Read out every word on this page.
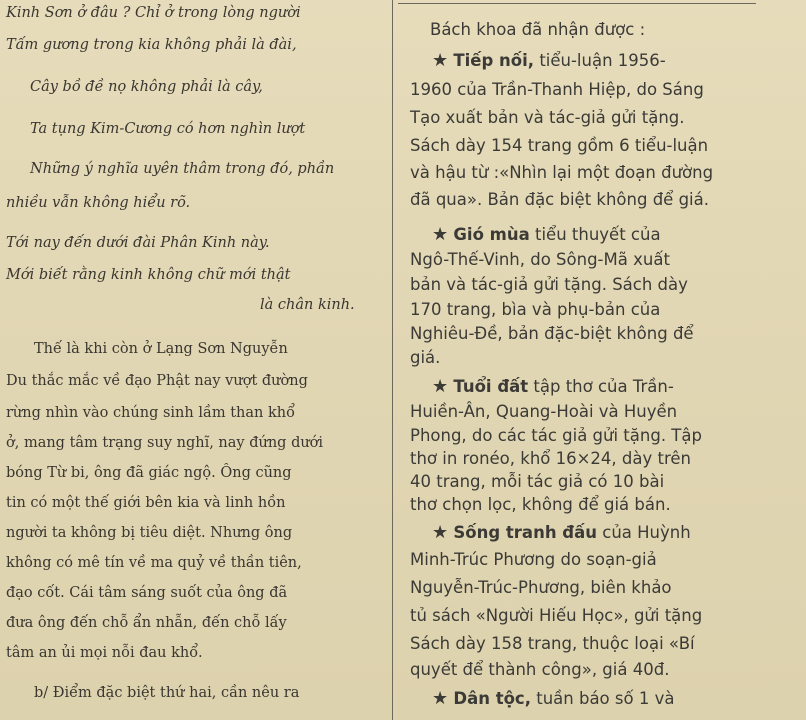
Kinh Sơn ở đâu ? Chỉ ở trong lòng người
Tấm gương trong kia không phải là đài,
Cây bồ đề nọ không phải là cây,
Ta tụng Kim-Cương có hơn nghìn lượt
Những ý nghĩa uyên thâm trong đó, phần
nhiều vẫn không hiểu rõ.
Tới nay đến dưới đài Phân Kinh này.
Mới biết rằng kinh không chữ mới thật
là chân kinh.
Thế là khi còn ở Lạng Sơn Nguyễn
Du thắc mắc về đạo Phật nay vượt đường
rừng nhìn vào chúng sinh lầm than khổ
ở, mang tâm trạng suy nghĩ, nay đứng dưới
bóng Từ bi, ông đã giác ngộ. Ông cũng
tin có một thế giới bên kia và linh hồn
người ta không bị tiêu diệt. Nhưng ông
không có mê tín về ma quỷ về thần tiên,
đạo cốt. Cái tâm sáng suốt của ông đã
đưa ông đến chỗ ẩn nhẫn, đến chỗ lấy
tâm an ủi mọi nỗi đau khổ.
b/ Điểm đặc biệt thứ hai, cần nêu ra
Bách khoa đã nhận được :
★ Tiếp nối, tiểu-luận 1956-
1960 của Trần-Thanh Hiệp, do Sáng
Tạo xuất bản và tác-giả gửi tặng.
Sách dày 154 trang gồm 6 tiểu-luận
và hậu từ :«Nhìn lại một đoạn đường
đã qua». Bản đặc biệt không để giá.
★ Gió mùa tiểu thuyết của
Ngô-Thế-Vinh, do Sông-Mã xuất
bản và tác-giả gửi tặng. Sách dày
170 trang, bìa và phụ-bản của
Nghiêu-Đề, bản đặc-biệt không để
giá.
★ Tuổi đất tập thơ của Trần-
Huiền-Ân, Quang-Hoài và Huyền
Phong, do các tác giả gửi tặng. Tập
thơ in ronéo, khổ 16×24, dày trên
40 trang, mỗi tác giả có 10 bài
thơ chọn lọc, không để giá bán.
★ Sống tranh đấu của Huỳnh
Minh-Trúc Phương do soạn-giả
Nguyễn-Trúc-Phương, biên khảo
tủ sách «Người Hiếu Học», gửi tặng
Sách dày 158 trang, thuộc loại «Bí
quyết để thành công», giá 40đ.
★ Dân tộc, tuần báo số 1 và
